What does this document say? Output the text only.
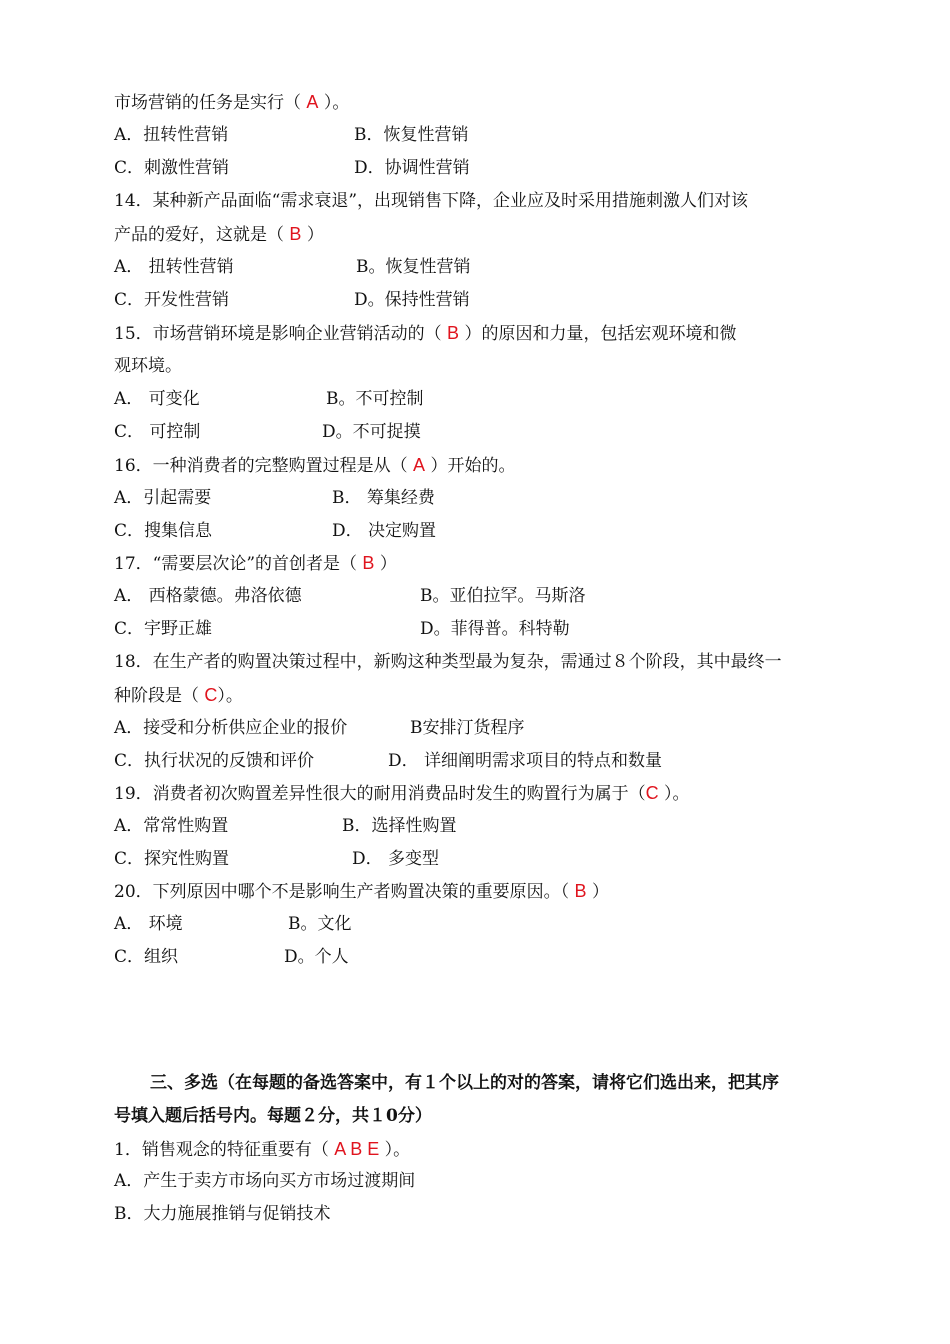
市场营销的任务是实行（ A ）。
A．扭转性营销	B．恢复性营销
C．刺激性营销	D．协调性营销
14．某种新产品面临“需求衰退”，出现销售下降，企业应及时采用措施刺激人们对该
产品的爱好，这就是（ B ）
A． 扭转性营销	B。恢复性营销
C．开发性营销	D。保持性营销
15．市场营销环境是影响企业营销活动的（ B ）的原因和力量，包括宏观环境和微
观环境。
A． 可变化	B。不可控制
C． 可控制	D。不可捉摸
16．一种消费者的完整购置过程是从（ A ）开始的。
A．引起需要	B． 筹集经费
C．搜集信息	D． 决定购置
17．“需要层次论”的首创者是（ B ）
A． 西格蒙德。弗洛依德	B。亚伯拉罕。马斯洛
C．宇野正雄	D。菲得普。科特勒
18．在生产者的购置决策过程中，新购这种类型最为复杂，需通过８个阶段，其中最终一
种阶段是（ C）。
A．接受和分析供应企业的报价	B安排汀货程序
C．执行状况的反馈和评价	D． 详细阐明需求项目的特点和数量
19．消费者初次购置差异性很大的耐用消费品时发生的购置行为属于（C ）。
A．常常性购置	B．选择性购置
C．探究性购置	D． 多变型
20．下列原因中哪个不是影响生产者购置决策的重要原因。（ B ）
A． 环境	B。文化
C．组织	D。个人
三、多选（在每题的备选答案中，有１个以上的对的答案，请将它们选出来，把其序
号填入题后括号内。每题２分，共１0分）
1．销售观念的特征重要有（ A B E ）。
A．产生于卖方市场向买方市场过渡期间
B．大力施展推销与促销技术
